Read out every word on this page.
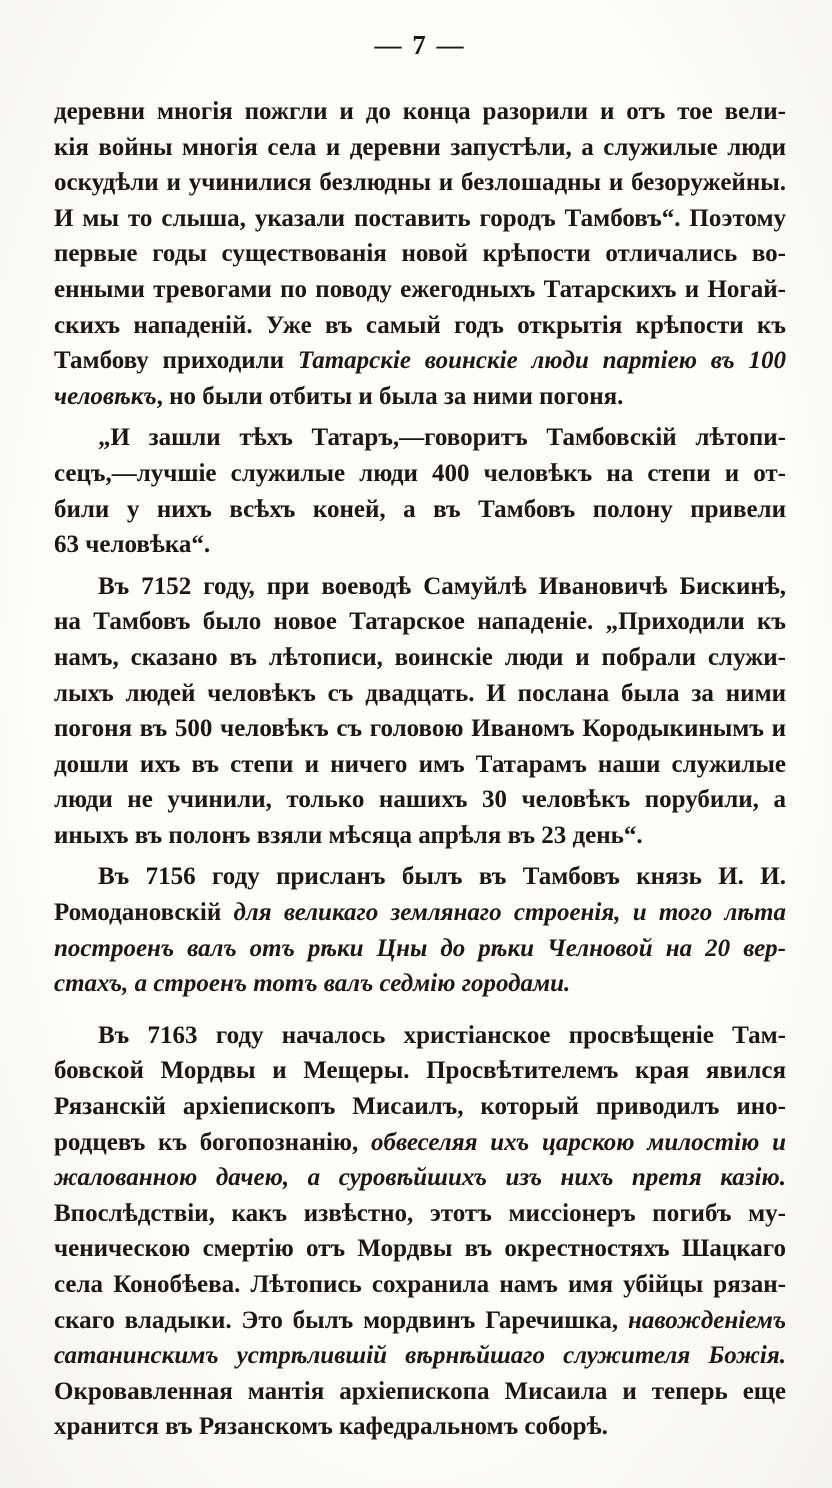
— 7 —
деревни многія пожгли и до конца разорили и отъ тое вели-
кія войны многія села и деревни запустѣли, а служилые люди
оскудѣли и учинилися безлюдны и безлошадны и безоружейны.
И мы то слыша, указали поставить городъ Тамбовъ“. Поэтому
первые годы существованія новой крѣпости отличались во-
енными тревогами по поводу ежегодныхъ Татарскихъ и Ногай-
скихъ нападеній. Уже въ самый годъ открытія крѣпости къ
Тамбову приходили Татарскіе воинскіе люди партіею въ 100
человѣкъ, но были отбиты и была за ними погоня.
„И зашли тѣхъ Татаръ,—говоритъ Тамбовскій лѣтопи-
сецъ,—лучшіе служилые люди 400 человѣкъ на степи и от-
били у нихъ всѣхъ коней, а въ Тамбовъ полону привели
63 человѣка“.
Въ 7152 году, при воеводѣ Самуйлѣ Ивановичѣ Бискинѣ,
на Тамбовъ было новое Татарское нападеніе. „Приходили къ
намъ, сказано въ лѣтописи, воинскіе люди и побрали служи-
лыхъ людей человѣкъ съ двадцать. И послана была за ними
погоня въ 500 человѣкъ съ головою Иваномъ Кородыкинымъ и
дошли ихъ въ степи и ничего имъ Татарамъ наши служилые
люди не учинили, только нашихъ 30 человѣкъ порубили, а
иныхъ въ полонъ взяли мѣсяца апрѣля въ 23 день“.
Въ 7156 году присланъ былъ въ Тамбовъ князь И. И.
Ромодановскій для великаго землянаго строенія, и того лѣта
построенъ валъ отъ рѣки Цны до рѣки Челновой на 20 вер-
стахъ, а строенъ тотъ валъ седмію городами.
Въ 7163 году началось христіанское просвѣщеніе Там-
бовской Мордвы и Мещеры. Просвѣтителемъ края явился
Рязанскій архіепископъ Мисаилъ, который приводилъ ино-
родцевъ къ богопознанію, обвеселяя ихъ царскою милостію и
жалованною дачею, а суровѣйшихъ изъ нихъ претя казію.
Впослѣдствіи, какъ извѣстно, этотъ миссіонеръ погибъ му-
ченическою смертію отъ Мордвы въ окрестностяхъ Шацкаго
села Конобѣева. Лѣтопись сохранила намъ имя убійцы рязан-
скаго владыки. Это былъ мордвинъ Гаречишка, навожденіемъ
сатанинскимъ устрѣлившій вѣрнѣйшаго служителя Божія.
Окровавленная мантія архіепископа Мисаила и теперь еще
хранится въ Рязанскомъ кафедральномъ соборѣ.
